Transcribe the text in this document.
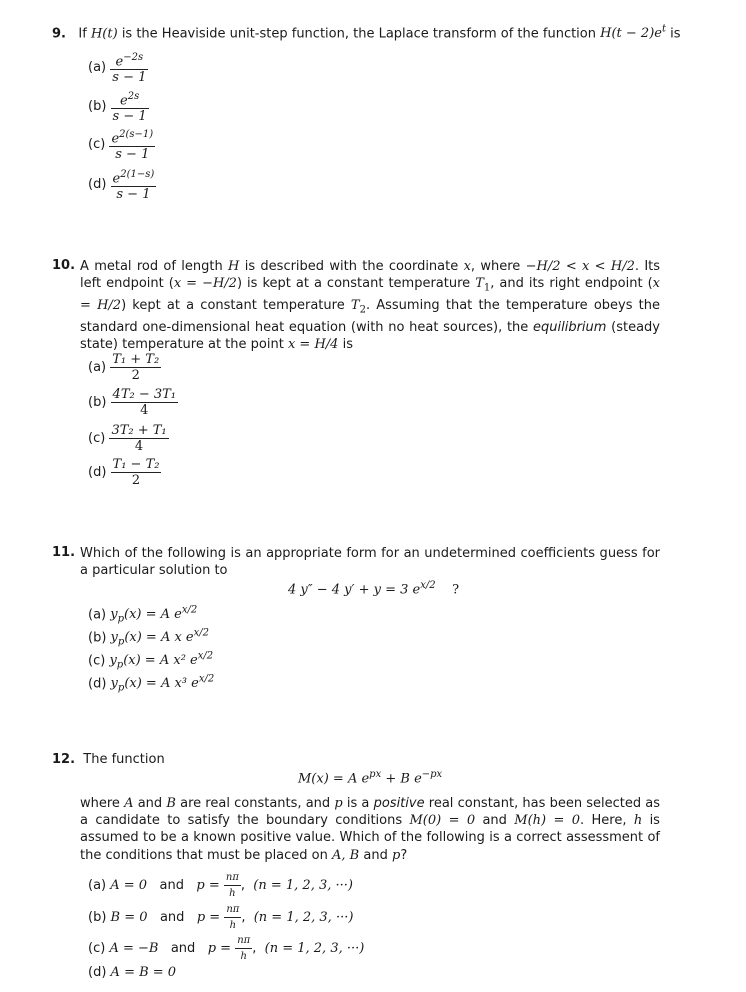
9. If H(t) is the Heaviside unit-step function, the Laplace transform of the function $H(t - 2)e^t$ is
$(a) \frac{e^{-2s}}{s - 1}$
$(b) \frac{e^{2s}}{s - 1}$
$(c) \frac{e^{2(s-1)}}{s - 1}$
$(d) \frac{e^{2(1-s)}}{s - 1}$
10. A metal rod of length H is described with the coordinate x, where −H/2 < x < H/2. Its left endpoint (x = −H/2) is kept at a constant temperature $T_1$, and its right endpoint (x = H/2) kept at a constant temperature $T_2$. Assuming that the temperature obeys the standard one-dimensional heat equation (with no heat sources), the equilibrium (steady state) temperature at the point x = H/4 is
$(a) \frac{\text{T₁ + T₂}}{2}$
$(b) \frac{\text{4T₂ − 3T₁}}{4}$
$(c) \frac{\text{3T₂ + T₁}}{4}$
$(d) \frac{\text{T₁ − T₂}}{2}$
11. Which of the following is an appropriate form for an undetermined coefficients guess for a particular solution to
4 y″ − 4 y′ + y = 3 $e^{x/2}$ ?
(a) $y_p(x) = A$ $e^{x/2}$
(b) $y_p(x) = A$ x $e^{x/2}$
(c) $y_p(x) = A$ x² $e^{x/2}$
(d) $y_p(x) = A$ x³ $e^{x/2}$
12. The function
M(x) = A $e^{px} + B$ $e^{-px}$
where A and B are real constants, and p is a positive real constant, has been selected as a candidate to satisfy the boundary conditions M(0) = 0 and M(h) = 0. Here, h is assumed to be a known positive value. Which of the following is a correct assessment of the conditions that must be placed on A, B and p?
(a) A = 0 and $p = \frac{n\pi}{h}$ ,  (n = 1, 2, 3, ···)
(b) B = 0 and $p = \frac{n\pi}{h}$ ,  (n = 1, 2, 3, ···)
(c) A = −B and $p = \frac{n\pi}{h}$ ,  (n = 1, 2, 3, ···)
(d) A = B = 0
